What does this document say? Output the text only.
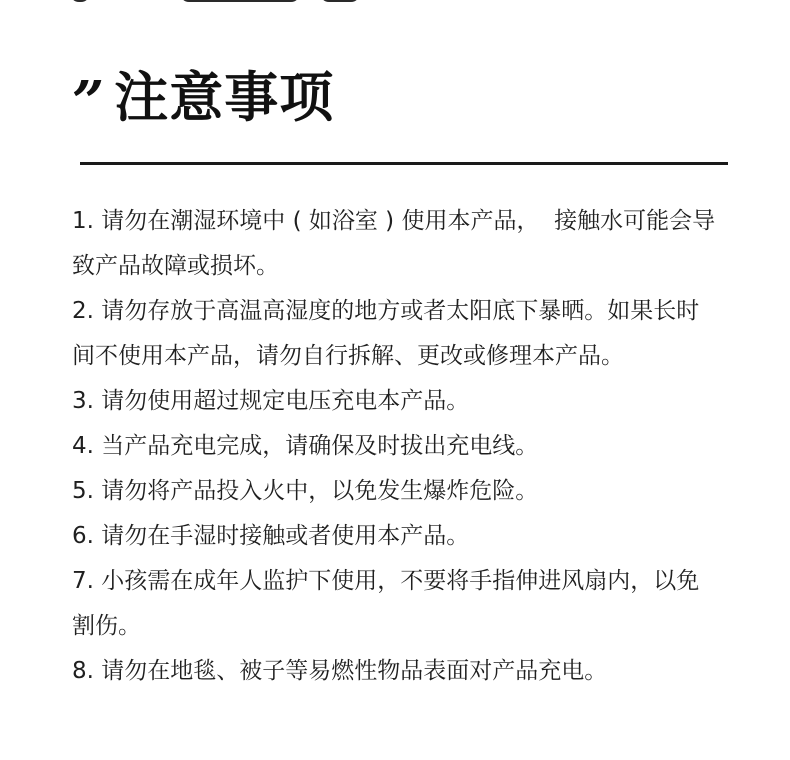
” 注意事项
1. 请勿在潮湿环境中 ( 如浴室 ) 使用本产品，  接触水可能会导致产品故障或损坏。
2. 请勿存放于高温高湿度的地方或者太阳底下暴晒。如果长时间不使用本产品，请勿自行拆解、更改或修理本产品。
3. 请勿使用超过规定电压充电本产品。
4. 当产品充电完成，请确保及时拔出充电线。
5. 请勿将产品投入火中，以免发生爆炸危险。
6. 请勿在手湿时接触或者使用本产品。
7. 小孩需在成年人监护下使用，不要将手指伸进风扇内，以免割伤。
8. 请勿在地毯、被子等易燃性物品表面对产品充电。
